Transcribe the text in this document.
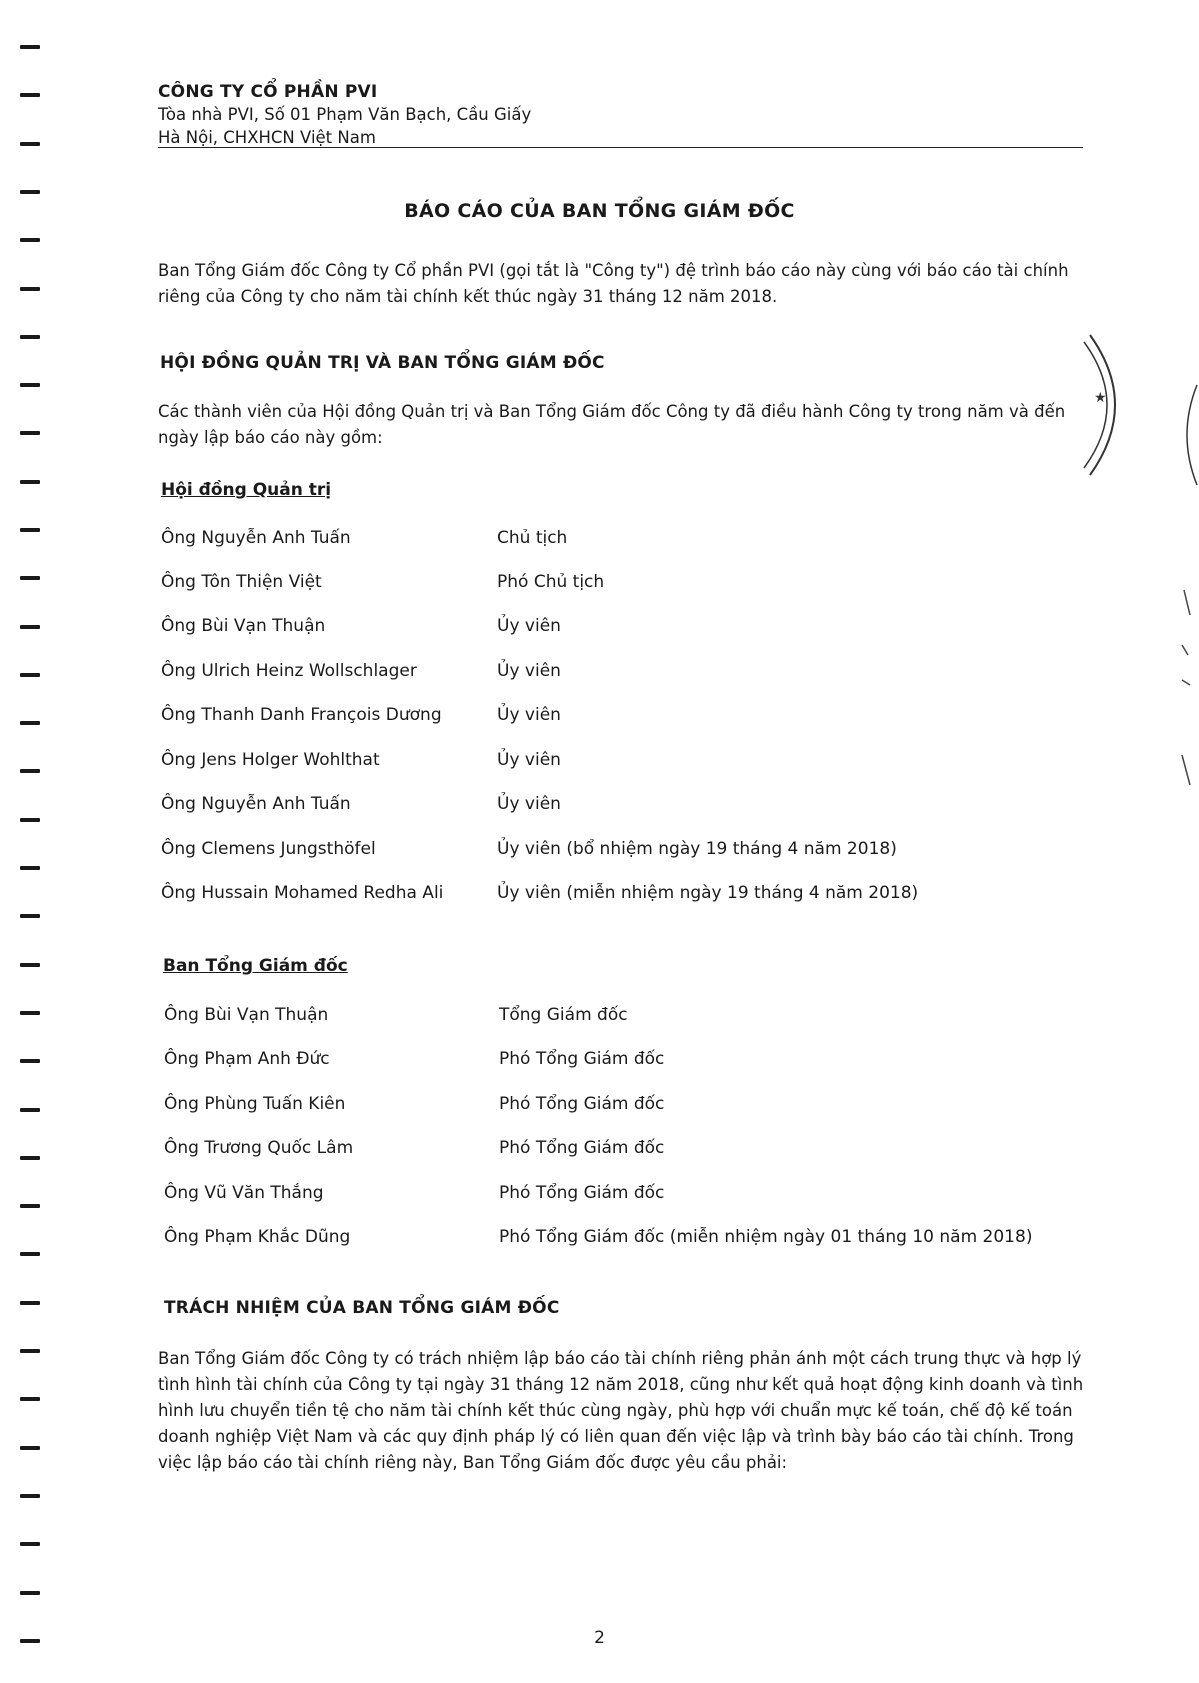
CÔNG TY CỔ PHẦN PVI
Tòa nhà PVI, Số 01 Phạm Văn Bạch, Cầu Giấy
Hà Nội, CHXHCN Việt Nam
BÁO CÁO CỦA BAN TỔNG GIÁM ĐỐC
Ban Tổng Giám đốc Công ty Cổ phần PVI (gọi tắt là "Công ty") đệ trình báo cáo này cùng với báo cáo tài chính riêng của Công ty cho năm tài chính kết thúc ngày 31 tháng 12 năm 2018.
HỘI ĐỒNG QUẢN TRỊ VÀ BAN TỔNG GIÁM ĐỐC
Các thành viên của Hội đồng Quản trị và Ban Tổng Giám đốc Công ty đã điều hành Công ty trong năm và đến ngày lập báo cáo này gồm:
Hội đồng Quản trị
Ông Nguyễn Anh Tuấn	Chủ tịch
Ông Tôn Thiện Việt	Phó Chủ tịch
Ông Bùi Vạn Thuận	Ủy viên
Ông Ulrich Heinz Wollschlager	Ủy viên
Ông Thanh Danh François Dương	Ủy viên
Ông Jens Holger Wohlthat	Ủy viên
Ông Nguyễn Anh Tuấn	Ủy viên
Ông Clemens Jungsthöfel	Ủy viên (bổ nhiệm ngày 19 tháng 4 năm 2018)
Ông Hussain Mohamed Redha Ali	Ủy viên (miễn nhiệm ngày 19 tháng 4 năm 2018)
Ban Tổng Giám đốc
Ông Bùi Vạn Thuận	Tổng Giám đốc
Ông Phạm Anh Đức	Phó Tổng Giám đốc
Ông Phùng Tuấn Kiên	Phó Tổng Giám đốc
Ông Trương Quốc Lâm	Phó Tổng Giám đốc
Ông Vũ Văn Thắng	Phó Tổng Giám đốc
Ông Phạm Khắc Dũng	Phó Tổng Giám đốc (miễn nhiệm ngày 01 tháng 10 năm 2018)
TRÁCH NHIỆM CỦA BAN TỔNG GIÁM ĐỐC
Ban Tổng Giám đốc Công ty có trách nhiệm lập báo cáo tài chính riêng phản ánh một cách trung thực và hợp lý tình hình tài chính của Công ty tại ngày 31 tháng 12 năm 2018, cũng như kết quả hoạt động kinh doanh và tình hình lưu chuyển tiền tệ cho năm tài chính kết thúc cùng ngày, phù hợp với chuẩn mực kế toán, chế độ kế toán doanh nghiệp Việt Nam và các quy định pháp lý có liên quan đến việc lập và trình bày báo cáo tài chính. Trong việc lập báo cáo tài chính riêng này, Ban Tổng Giám đốc được yêu cầu phải:
2
★
